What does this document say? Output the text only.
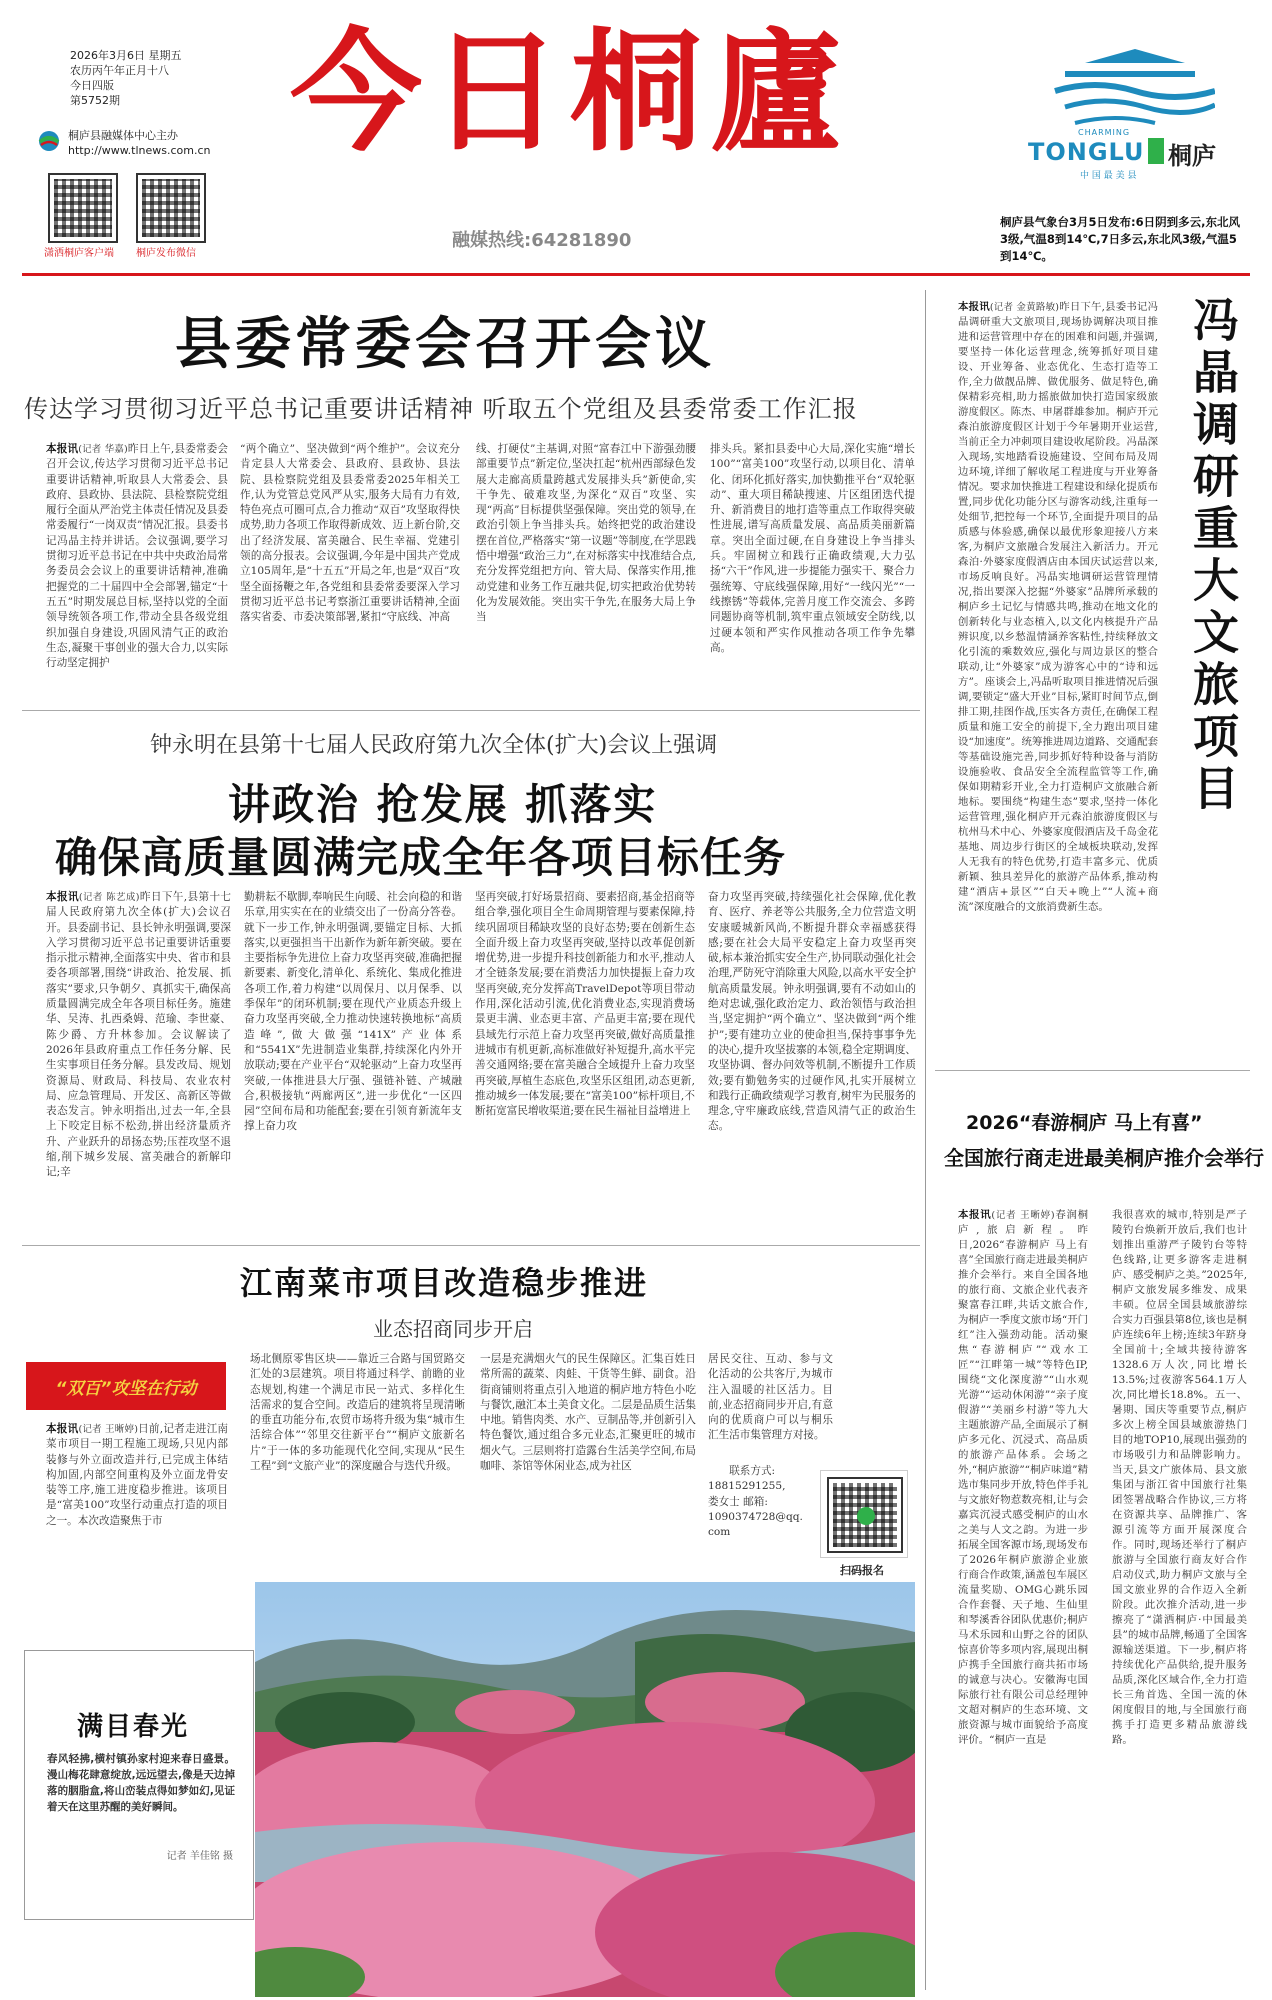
2026年3月6日 星期五
农历丙午年正月十八
今日四版
第5752期
桐庐县融媒体中心主办
http://www.tlnews.com.cn
潇洒桐庐客户端 桐庐发布微信
今日桐廬
融媒热线:64281890
CHARMING
TONGLU 桐庐
中 国 最 美 县
桐庐县气象台3月5日发布:6日阴到多云,东北风3级,气温8到14℃,7日多云,东北风3级,气温5到14℃。
县委常委会召开会议
传达学习贯彻习近平总书记重要讲话精神 听取五个党组及县委常委工作汇报
本报讯(记者 华嘉)昨日上午,县委常委会召开会议,传达学习贯彻习近平总书记重要讲话精神,听取县人大常委会、县政府、县政协、县法院、县检察院党组履行全面从严治党主体责任情况及县委常委履行“一岗双责”情况汇报。县委书记冯晶主持并讲话。会议强调,要学习贯彻习近平总书记在中共中央政治局常务委员会会议上的重要讲话精神,准确把握党的二十届四中全会部署,锚定“十五五”时期发展总目标,坚持以党的全面领导统领各项工作,带动全县各级党组织加强自身建设,巩固风清气正的政治生态,凝聚干事创业的强大合力,以实际行动坚定拥护
“两个确立”、坚决做到“两个维护”。会议充分肯定县人大常委会、县政府、县政协、县法院、县检察院党组及县委常委2025年相关工作,认为党管总党风严从实,服务大局有力有效,特色亮点可圈可点,合力推动“双百”攻坚取得快成势,助力各项工作取得新成效、迈上新台阶,交出了经济发展、富美融合、民生幸福、党建引领的高分报表。会议强调,今年是中国共产党成立105周年,是“十五五”开局之年,也是“双百”攻坚全面扬鞭之年,各党组和县委常委要深入学习贯彻习近平总书记考察浙江重要讲话精神,全面落实省委、市委决策部署,紧扣“守底线、冲高
线、打硬仗”主基调,对照“富春江中下游强劲腰部重要节点”新定位,坚决扛起“杭州西部绿色发展大走廊高质量跨越式发展排头兵”新使命,实干争先、破难攻坚,为深化“双百”攻坚、实现“两高”目标提供坚强保障。突出党的领导,在政治引领上争当排头兵。始终把党的政治建设摆在首位,严格落实“第一议题”等制度,在学思践悟中增强“政治三力”,在对标落实中找准结合点,充分发挥党组把方向、管大局、保落实作用,推动党建和业务工作互融共促,切实把政治优势转化为发展效能。突出实干争先,在服务大局上争当
排头兵。紧扣县委中心大局,深化实施“增长100”“富美100”攻坚行动,以项目化、清单化、闭环化抓好落实,加快勤推平台“双轮驱动”、重大项目稀缺搜速、片区组团迭代提升、新消费目的地打造等重点工作取得突破性进展,谱写高质量发展、高品质美丽新篇章。突出全面过硬,在自身建设上争当排头兵。牢固树立和践行正确政绩观,大力弘扬“六干”作风,进一步提能力强实干、聚合力强统筹、守底线强保障,用好“一线闪光”“一线擦锈”等载体,完善月度工作交流会、多跨同题协商等机制,筑牢重点领域安全防线,以过硬本领和严实作风推动各项工作争先攀高。
钟永明在县第十七届人民政府第九次全体(扩大)会议上强调
讲政治 抢发展 抓落实
确保高质量圆满完成全年各项目标任务
本报讯(记者 陈艺成)昨日下午,县第十七届人民政府第九次全体(扩大)会议召开。县委副书记、县长钟永明强调,要深入学习贯彻习近平总书记重要讲话重要指示批示精神,全面落实中央、省市和县委各项部署,围绕“讲政治、抢发展、抓落实”要求,只争朝夕、真抓实干,确保高质量圆满完成全年各项目标任务。施建华、吴涛、扎西桑姆、范瑜、李世豪、陈少爵、方升林参加。会议解读了2026年县政府重点工作任务分解、民生实事项目任务分解。县发改局、规划资源局、财政局、科技局、农业农村局、应急管理局、开发区、高新区等做表态发言。钟永明指出,过去一年,全县上下咬定目标不松劲,拼出经济量质齐升、产业跃升的昂扬态势;压茬攻坚不退缩,削下城乡发展、富美融合的新解印记;辛
勤耕耘不歇脚,奉响民生向暖、社会向稳的和谐乐章,用实实在在的业绩交出了一份高分答卷。就下一步工作,钟永明强调,要锚定目标、大抓落实,以更强担当干出新作为新年新突破。要在主要指标争先进位上奋力攻坚再突破,准确把握新要素、新变化,清单化、系统化、集成化推进各项工作,着力构建“以周保月、以月保季、以季保年”的闭环机制;要在现代产业质态升级上奋力攻坚再突破,全力推动快速转换地标“高质造峰”,做大做强“141X”产业体系和“5541X”先进制造业集群,持续深化内外开放联动;要在产业平台“双轮驱动”上奋力攻坚再突破,一体推进县大厅强、强链补链、产城融合,积极接轨“两廊两区”,进一步优化“一区四园”空间布局和功能配套;要在引领育新流年支撑上奋力攻
坚再突破,打好场景招商、要素招商,基金招商等组合拳,强化项目全生命周期管理与要素保障,持续巩固项目稀缺攻坚的良好态势;要在创新生态全面升级上奋力攻坚再突破,坚持以改革促创新增优势,进一步提升科技创新能力和水平,推动人才全链条发展;要在消费活力加快提振上奋力攻坚再突破,充分发挥高TravelDepot等项目带动作用,深化活动引流,优化消费业态,实现消费场景更丰满、业态更丰富、产品更丰富;要在现代县域先行示范上奋力攻坚再突破,做好高质量推进城市有机更新,高标准做好补短提升,高水平完善交通网络;要在富美融合全域提升上奋力攻坚再突破,厚植生态底色,攻坚乐区组团,动态更新,推动城乡一体发展;要在“富美100”标杆项目,不断拓宽富民增收渠道;要在民生福祉目益增进上
奋力攻坚再突破,持续强化社会保障,优化教育、医疗、养老等公共服务,全力位营造文明安康暖城新风尚,不断提升群众幸福感获得感;要在社会大局平安稳定上奋力攻坚再突破,标本兼治抓实安全生产,协同联动强化社会治理,严防死守消除重大风险,以高水平安全护航高质量发展。钟永明强调,要有不动如山的绝对忠诚,强化政治定力、政治领悟与政治担当,坚定拥护“两个确立”、坚决做到“两个维护”;要有建功立业的使命担当,保持事事争先的决心,提升攻坚拔寨的本领,稳全定期调度、攻坚协调、督办问效等机制,不断提升工作质效;要有勤勉务实的过硬作风,扎实开展树立和践行正确政绩观学习教育,树牢为民服务的理念,守牢廉政底线,营造风清气正的政治生态。
江南菜市项目改造稳步推进
业态招商同步开启
“双百”攻坚在行动
本报讯(记者 王晰婷)日前,记者走进江南菜市项目一期工程施工现场,只见内部装修与外立面改造并行,已完成主体结构加固,内部空间重构及外立面龙骨安装等工序,施工进度稳步推进。该项目是“富美100”攻坚行动重点打造的项目之一。本次改造聚焦于市
场北侧原零售区块——靠近三合路与国贸路交汇处的3层建筑。项目将通过科学、前瞻的业态规划,构建一个满足市民一站式、多样化生活需求的复合空间。改造后的建筑将呈现清晰的垂直功能分布,农贸市场将升级为集“城市生活综合体”“邻里交往新平台”“桐庐文旅新名片”于一体的多功能现代化空间,实现从“民生工程”到“文旅产业”的深度融合与迭代升级。
一层是充满烟火气的民生保障区。汇集百姓日常所需的蔬菜、肉蛙、干货等生鲜、副食。沿街商铺则将重点引入地道的桐庐地方特色小吃与餐饮,融汇本土美食文化。二层是品质生活集中地。销售肉类、水产、豆制品等,并创新引入特色餐饮,通过组合多元业态,汇聚更旺的城市烟火气。三层则将打造露台生活美学空间,布局咖啡、茶馆等休闲业态,成为社区
居民交往、互动、参与文化活动的公共客厅,为城市注入温暖的社区活力。目前,业态招商同步开启,有意向的优质商户可以与桐乐汇生活市集管理方对接。
联系方式:
18815291255,
娄女士 邮箱:
1090374728@qq.com
扫码报名
满目春光
春风轻拂,横村镇孙家村迎来春日盛景。漫山梅花肆意绽放,远远望去,像是天边掉落的胭脂盒,将山峦装点得如梦如幻,见证着天在这里苏醒的美好瞬间。
记者 羊佳铭 摄
本报讯(记者 金黄路敏)昨日下午,县委书记冯晶调研重大文旅项目,现场协调解决项目推进和运营管理中存在的困难和问题,并强调,要坚持一体化运营理念,统筹抓好项目建设、开业筹备、业态优化、生态打造等工作,全力做靓品牌、做优服务、做足特色,确保精彩亮相,助力摇旅做加快打造国家级旅游度假区。陈杰、申屠群雄参加。桐庐开元森泊旅游度假区计划于今年暑期开业运营,当前正全力冲刺项目建设收尾阶段。冯晶深入现场,实地踏看设施建设、空间布局及周边环境,详细了解收尾工程进度与开业筹备情况。要求加快推进工程建设和绿化提质布置,同步优化功能分区与游客动线,注重每一处细节,把控每一个环节,全面提升项目的品质感与体验感,确保以最优形象迎接八方来客,为桐庐文旅融合发展注入新活力。开元森泊·外婆家度假酒店由本国庆试运营以来,市场反响良好。冯晶实地调研运营管理情况,指出要深入挖掘“外婆家”品牌所承载的桐庐乡土记忆与情感共鸣,推动在地文化的创新转化与业态植入,以文化内核提升产品辨识度,以乡愁温情涵养客粘性,持续释放文化引流的乘数效应,强化与周边景区的整合联动,让“外婆家”成为游客心中的“诗和远方”。座谈会上,冯晶听取项目推进情况后强调,要锁定“盛大开业”目标,紧盯时间节点,倒排工期,挂图作战,压实各方责任,在确保工程质量和施工安全的前提下,全力跑出项目建设“加速度”。统筹推进周边道路、交通配套等基础设施完善,同步抓好特种设备与消防设施验收、食品安全全流程监管等工作,确保如期精彩开业,全力打造桐庐文旅融合新地标。要围绕“构建生态”要求,坚持一体化运营管理,强化桐庐开元森泊旅游度假区与杭州马术中心、外婆家度假酒店及千岛金花基地、周边步行街区的全域板块联动,发挥人无我有的特色优势,打造丰富多元、优质新颖、独具差异化的旅游产品体系,推动构建“酒店+景区”“白天+晚上”“人流+商流”深度融合的文旅消费新生态。
冯晶调研重大文旅项目
2026“春游桐庐 马上有喜”
全国旅行商走进最美桐庐推介会举行
本报讯(记者 王晰婷)春润桐庐,旅启新程。昨日,2026“春游桐庐 马上有喜”全国旅行商走进最美桐庐推介会举行。来自全国各地的旅行商、文旅企业代表齐聚富春江畔,共话文旅合作,为桐庐一季度文旅市场“开门红”注入强劲动能。活动聚焦“春游桐庐”“戏水工匠”“江畔第一城”等特色IP,围绕“文化深度游”“山水观光游”“运动休闲游”“亲子度假游”“美丽乡村游”等九大主题旅游产品,全面展示了桐庐多元化、沉浸式、高品质的旅游产品体系。会场之外,“桐庐旅游”“桐庐味道”精选市集同步开放,特色伴手礼与文旅好物惹数亮相,让与会嘉宾沉浸式感受桐庐的山水之美与人文之韵。为进一步拓展全国客源市场,现场发布了2026年桐庐旅游企业旅行商合作政策,涵盖包车展区流量奖励、OMG心跳乐园合作套餐、天子地、生仙里和琴溪香谷团队优惠价;桐庐马术乐园和山野之谷的团队惊喜价等多项内容,展现出桐庐携手全国旅行商共拓市场的诚意与决心。安徽海屯国际旅行社有限公司总经理钟文超对桐庐的生态环境、文旅资源与城市面貌给予高度评价。“桐庐一直是
我很喜欢的城市,特别是严子陵钓台焕新开放后,我们也计划推出重游严子陵钓台等特色线路,让更多游客走进桐庐、感受桐庐之美。”2025年,桐庐文旅发展多维发、成果丰硕。位居全国县域旅游综合实力百强县第8位,该也是桐庐连续6年上榜;连续3年跻身全国前十;全域共接待游客1328.6万人次,同比增长13.5%;过夜游客564.1万人次,同比增长18.8%。五一、暑期、国庆等重要节点,桐庐多次上榜全国县域旅游热门目的地TOP10,展现出强劲的市场吸引力和品牌影响力。当天,县文广旅体局、县文旅集团与浙江省中国旅行社集团签署战略合作协议,三方将在资源共享、品牌推广、客源引流等方面开展深度合作。同时,现场还举行了桐庐旅游与全国旅行商友好合作启动仪式,助力桐庐文旅与全国文旅业界的合作迈入全新阶段。此次推介活动,进一步擦亮了“潇洒桐庐·中国最美县”的城市品牌,畅通了全国客源输送渠道。下一步,桐庐将持续优化产品供给,提升服务品质,深化区域合作,全力打造长三角首选、全国一流的休闲度假目的地,与全国旅行商携手打造更多精品旅游线路。
